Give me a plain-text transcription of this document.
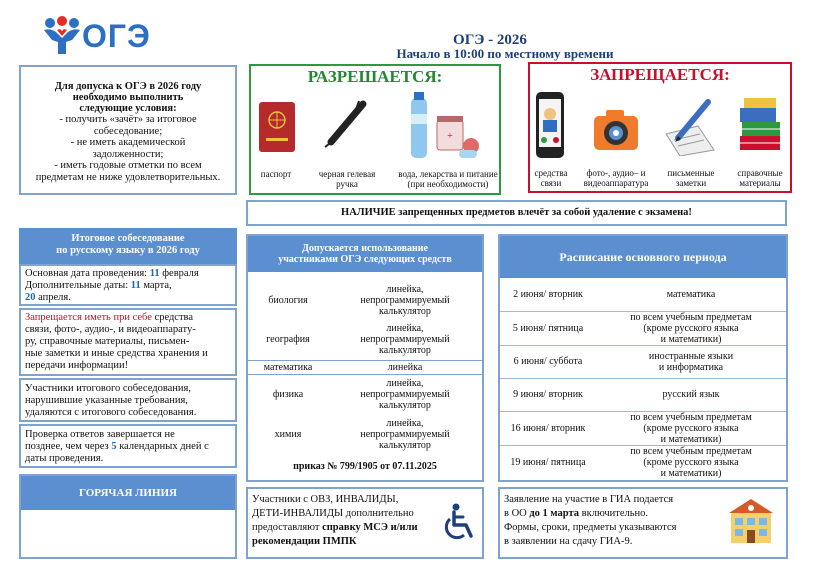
ОГЭ	ОГЭ - 2026
Начало в 10:00 по местному времени
Для допуска к ОГЭ в 2026 году
необходимо выполнить
следующие условия:
- получить «зачёт» за итоговое
собеседование;
- не иметь академической
задолженности;
- иметь годовые отметки по всем
предметам не ниже удовлетворительных.
РАЗРЕШАЕТСЯ:
паспорт	черная гелевая
ручка
+
вода, лекарства и питание
(при необходимости)
ЗАПРЕЩАЕТСЯ:
средства
связи
фото-, аудио– и
видеоаппаратура
письменные
заметки
справочные
материалы
НАЛИЧИЕ запрещенных предметов влечёт за собой удаление с экзамена!
Итоговое собеседование
по русскому языку в 2026 году
Основная дата проведения: 11 февраля
Дополнительные даты: 11 марта,
20 апреля.
Запрещается иметь при себе средства
связи, фото-, аудио-, и видеоаппарату-
ру, справочные материалы, письмен-
ные заметки и иные средства хранения и
передачи информации!
Участники итогового собеседования,
нарушившие указанные требования,
удаляются с итогового собеседования.
Проверка ответов завершается не
позднее, чем через 5 календарных дней с
даты проведения.
ГОРЯЧАЯ ЛИНИЯ
Допускается использование
участниками ОГЭ следующих средств
биология	линейка,
непрограммируемый
калькулятор

география	линейка,
непрограммируемый
калькулятор

математика	линейка

физика	линейка,
непрограммируемый
калькулятор

химия	линейка,
непрограммируемый
калькулятор
приказ № 799/1905 от 07.11.2025
Расписание основного периода
2 июня/ вторник	математика

5 июня/ пятница	по всем учебным предметам
(кроме русского языка
и математики)

6 июня/ суббота	иностранные языки
и информатика

9 июня/ вторник	русский язык

16 июня/ вторник	по всем учебным предметам
(кроме русского языка
и математики)

19 июня/ пятница	по всем учебным предметам
(кроме русского языка
и математики)
Участники с ОВЗ, ИНВАЛИДЫ,
ДЕТИ-ИНВАЛИДЫ дополнительно
предоставляют справку МСЭ и/или
рекомендации ПМПК
Заявление на участие в ГИА подается
в ОО до 1 марта включительно.
Формы, сроки, предметы указываются
в заявлении на сдачу ГИА-9.
